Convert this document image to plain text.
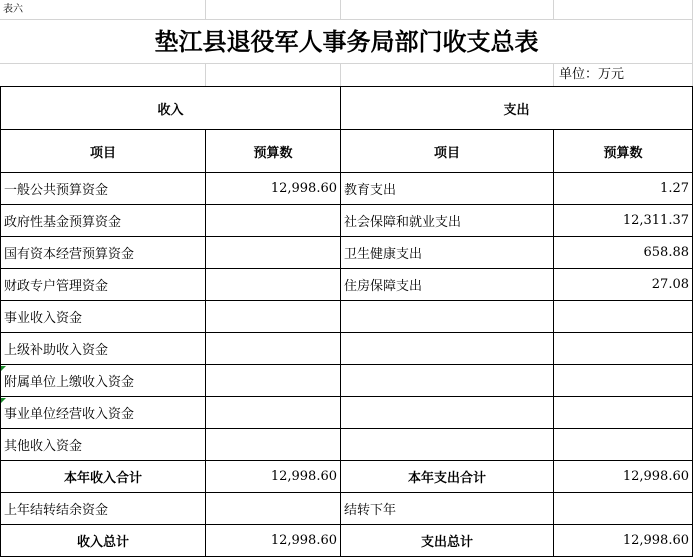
表六
垫江县退役军人事务局部门收支总表
单位：万元
收入		支出	
项目	预算数	项目	预算数
一般公共预算资金	12,998.60	教育支出	1.27
政府性基金预算资金		社会保障和就业支出	12,311.37
国有资本经营预算资金		卫生健康支出	658.88
财政专户管理资金		住房保障支出	27.08
事业收入资金			
上级补助收入资金			
附属单位上缴收入资金			
事业单位经营收入资金			
其他收入资金			
本年收入合计	12,998.60	本年支出合计	12,998.60
上年结转结余资金		结转下年	
收入总计	12,998.60	支出总计	12,998.60
